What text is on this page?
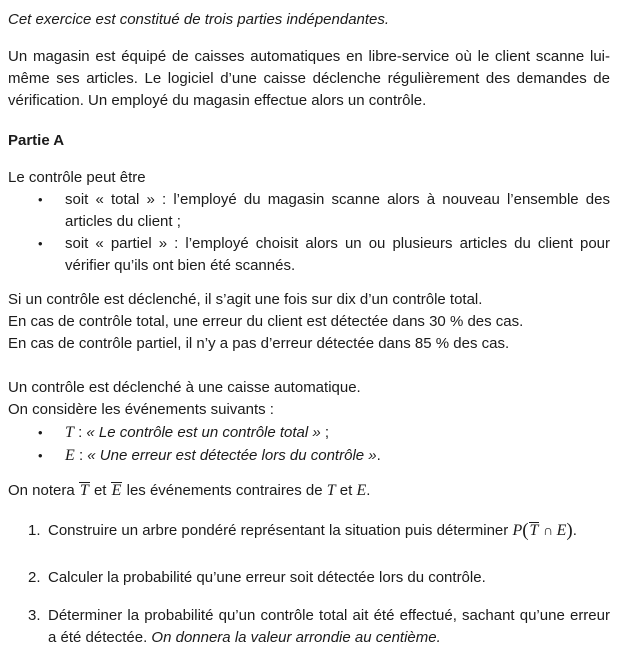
Cet exercice est constitué de trois parties indépendantes.

Un magasin est équipé de caisses automatiques en libre-service où le client scanne lui-même ses articles. Le logiciel d’une caisse déclenche régulièrement des demandes de vérification. Un employé du magasin effectue alors un contrôle.

Partie A

Le contrôle peut être

•	soit « total » : l’employé du magasin scanne alors à nouveau l’ensemble des articles du client ;
•	soit « partiel » : l’employé choisit alors un ou plusieurs articles du client pour vérifier qu’ils ont bien été scannés.

Si un contrôle est déclenché, il s’agit une fois sur dix d’un contrôle total.

En cas de contrôle total, une erreur du client est détectée dans 30 % des cas.

En cas de contrôle partiel, il n’y a pas d’erreur détectée dans 85 % des cas.

Un contrôle est déclenché à une caisse automatique.

On considère les événements suivants :

•	T : « Le contrôle est un contrôle total » ;
•	E : « Une erreur est détectée lors du contrôle ».

On notera T et E les événements contraires de T et E.

1. Construire un arbre pondéré représentant la situation puis déterminer P(T ∩ E).
2. Calculer la probabilité qu’une erreur soit détectée lors du contrôle.
3. Déterminer la probabilité qu’un contrôle total ait été effectué, sachant qu’une erreur a été détectée. On donnera la valeur arrondie au centième.
